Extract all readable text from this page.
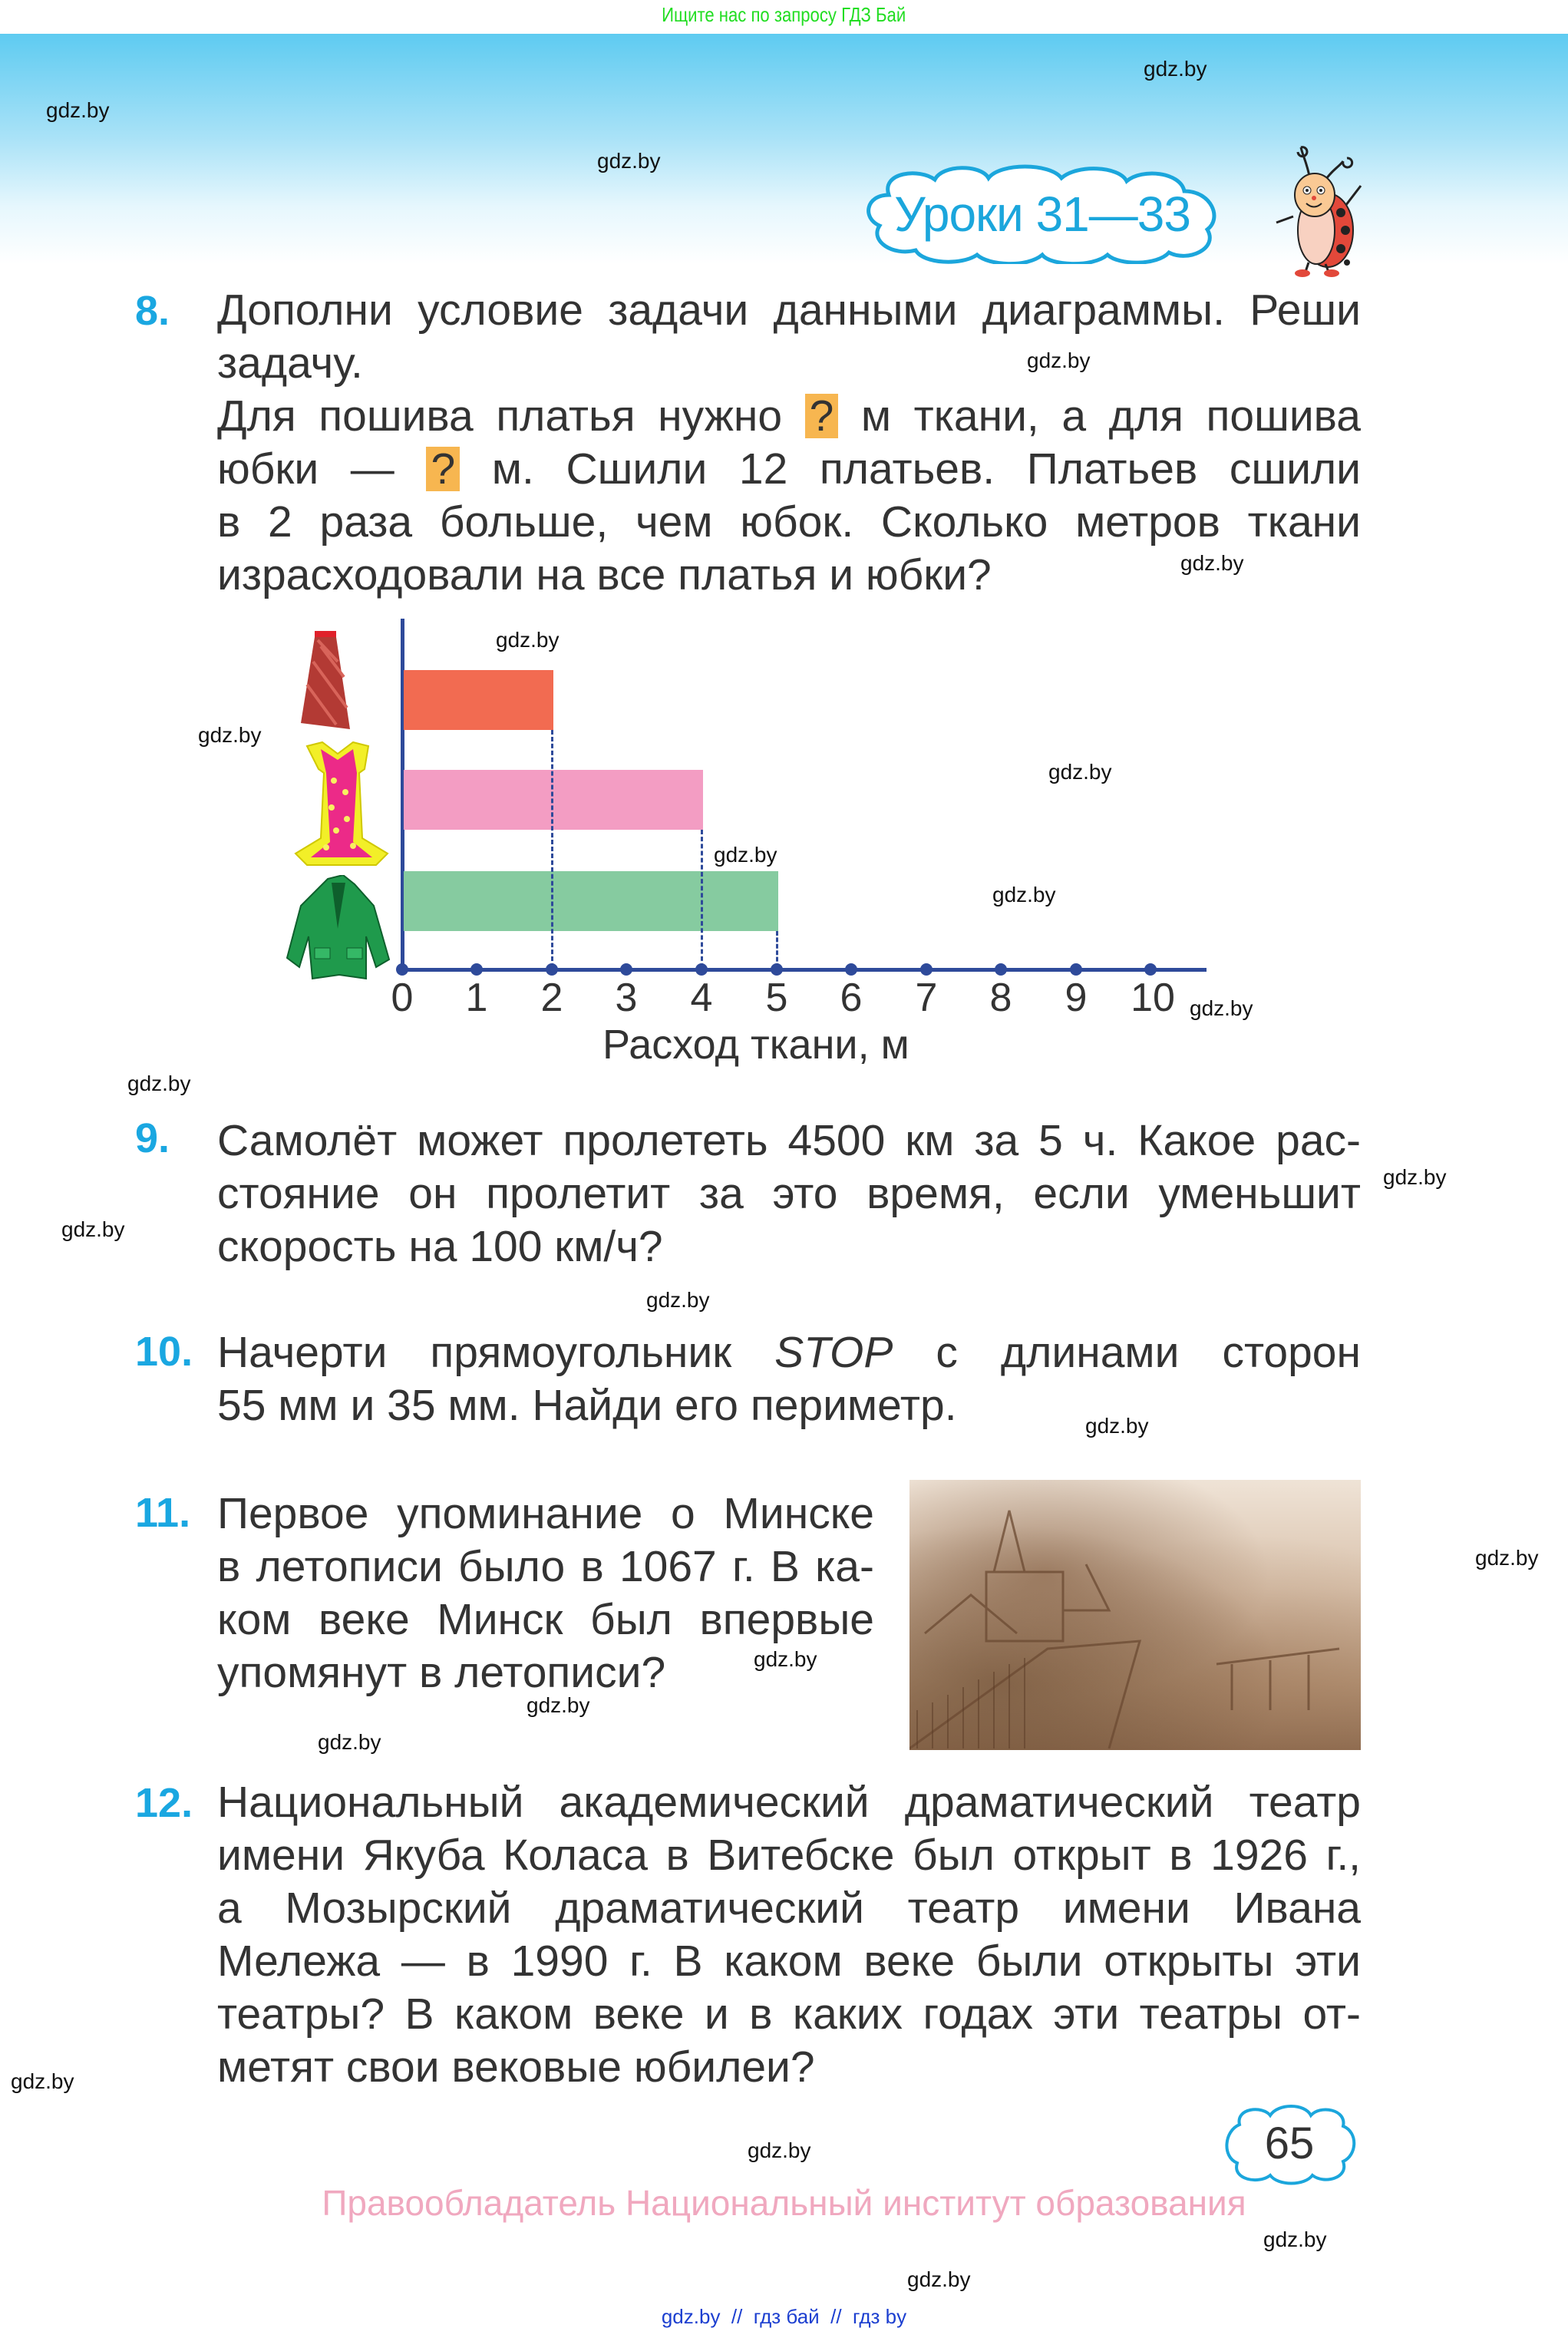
Ищите нас по запросу ГДЗ Бай
gdz.by
gdz.by
gdz.by
Уроки 31—33
8. Дополни условие задачи данными диаграммы. Реши
задачу.
Для пошива платья нужно ? м ткани, а для пошива
юбки — ? м. Сшили 12 платьев. Платьев сшили
в 2 раза больше, чем юбок. Сколько метров ткани
израсходовали на все платья и юбки?
gdz.by
gdz.by
0	1	2	3	4	5	6	7	8	9	10
Расход ткани, м
gdz.by
gdz.by
gdz.by
gdz.by
gdz.by
gdz.by
gdz.by
9. Самолёт может пролететь 4500 км за 5 ч. Какое рас-
стояние он пролетит за это время, если уменьшит
скорость на 100 км/ч?
gdz.by
gdz.by
gdz.by
10. Начерти прямоугольник STOP с длинами сторон
55 мм и 35 мм. Найди его периметр.	gdz.by
11. Первое упоминание о Минске
в летописи было в 1067 г. В ка-
ком веке Минск был впервые
упомянут в летописи?	gdz.by
gdz.by
gdz.by
gdz.by
12. Национальный академический драматический театр
имени Якуба Коласа в Витебске был открыт в 1926 г.,
а Мозырский драматический театр имени Ивана
Мележа — в 1990 г. В каком веке были открыты эти
театры? В каком веке и в каких годах эти театры от-
метят свои вековые юбилеи?
gdz.by
65
gdz.by
Правообладатель Национальный институт образования
gdz.by
gdz.by
gdz.by  //  гдз бай  //  гдз by
